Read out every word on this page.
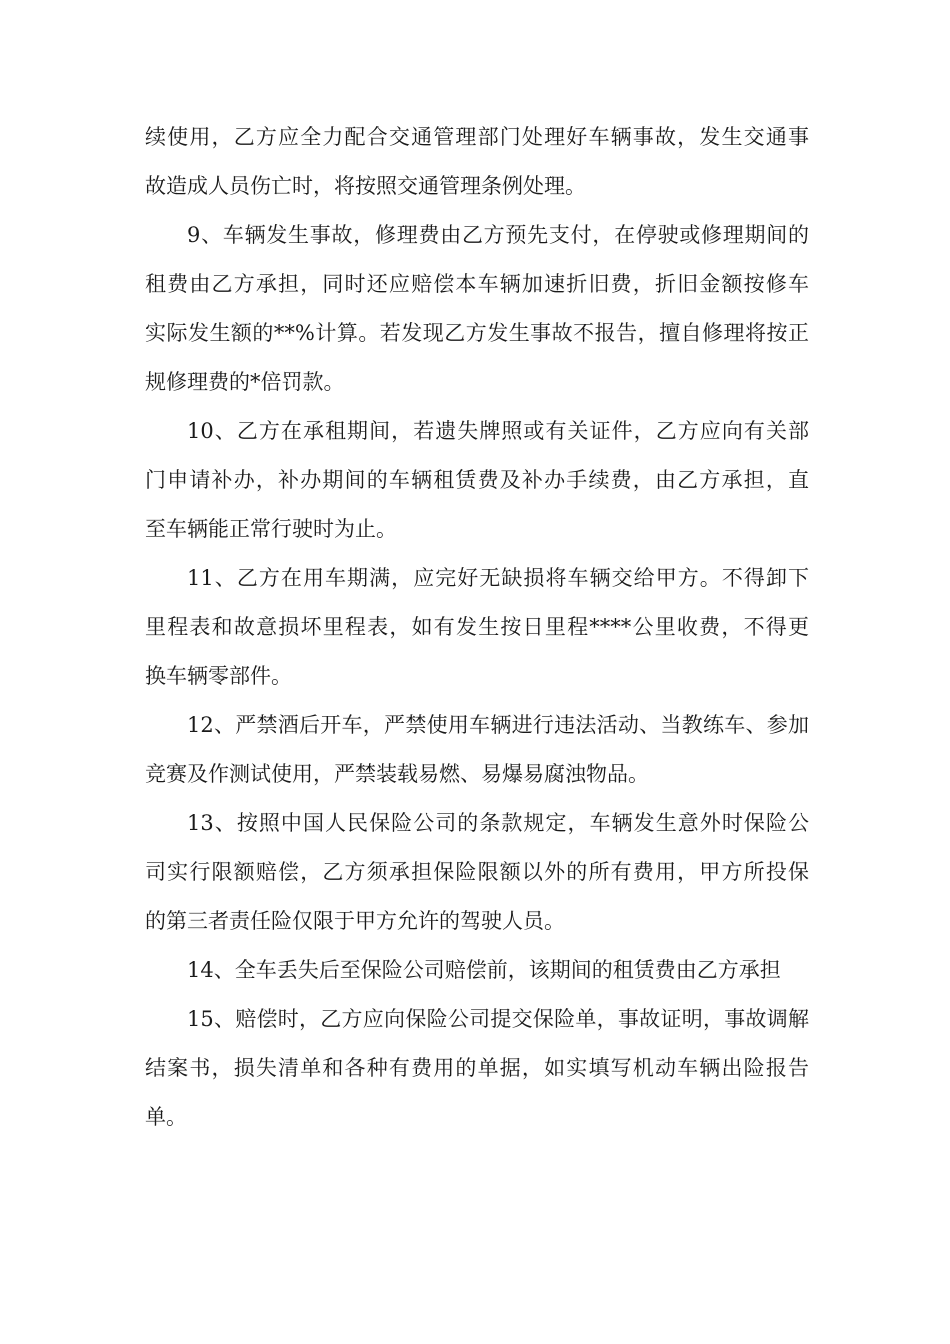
续使用，乙方应全力配合交通管理部门处理好车辆事故，发生交通事
故造成人员伤亡时，将按照交通管理条例处理。
9、车辆发生事故，修理费由乙方预先支付，在停驶或修理期间的
租费由乙方承担，同时还应赔偿本车辆加速折旧费，折旧金额按修车
实际发生额的**%计算。若发现乙方发生事故不报告，擅自修理将按正
规修理费的*倍罚款。
10、乙方在承租期间，若遗失牌照或有关证件，乙方应向有关部
门申请补办，补办期间的车辆租赁费及补办手续费，由乙方承担，直
至车辆能正常行驶时为止。
11、乙方在用车期满，应完好无缺损将车辆交给甲方。不得卸下
里程表和故意损坏里程表，如有发生按日里程****公里收费，不得更
换车辆零部件。
12、严禁酒后开车，严禁使用车辆进行违法活动、当教练车、参加
竞赛及作测试使用，严禁装载易燃、易爆易腐浊物品。
13、按照中国人民保险公司的条款规定，车辆发生意外时保险公
司实行限额赔偿，乙方须承担保险限额以外的所有费用，甲方所投保
的第三者责任险仅限于甲方允许的驾驶人员。
14、全车丢失后至保险公司赔偿前，该期间的租赁费由乙方承担
15、赔偿时，乙方应向保险公司提交保险单，事故证明，事故调解
结案书，损失清单和各种有费用的单据，如实填写机动车辆出险报告
单。
